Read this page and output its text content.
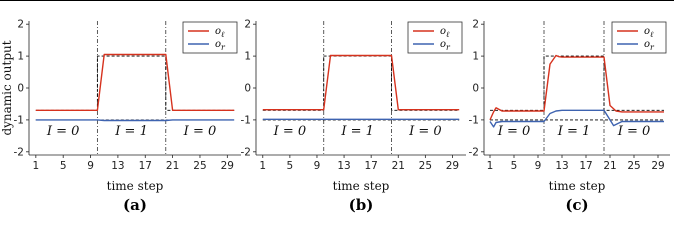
-2
-1
0
1
2
1 5 9 13 17 21 25 29
I = 0	I = 1	I = 0
time step
dynamic output
(a)
$o_\ell$
$o_r$
-2
-1
0
1
2
1 5 9 13 17 21 25 29
I = 0	I = 1	I = 0
time step
(b)
$o_\ell$
$o_r$
-2
-1
0
1
2
1 5 9 13 17 21 25 29
I = 0 I = 1 I = 0
time step
(c)
$o_\ell$
$o_r$
